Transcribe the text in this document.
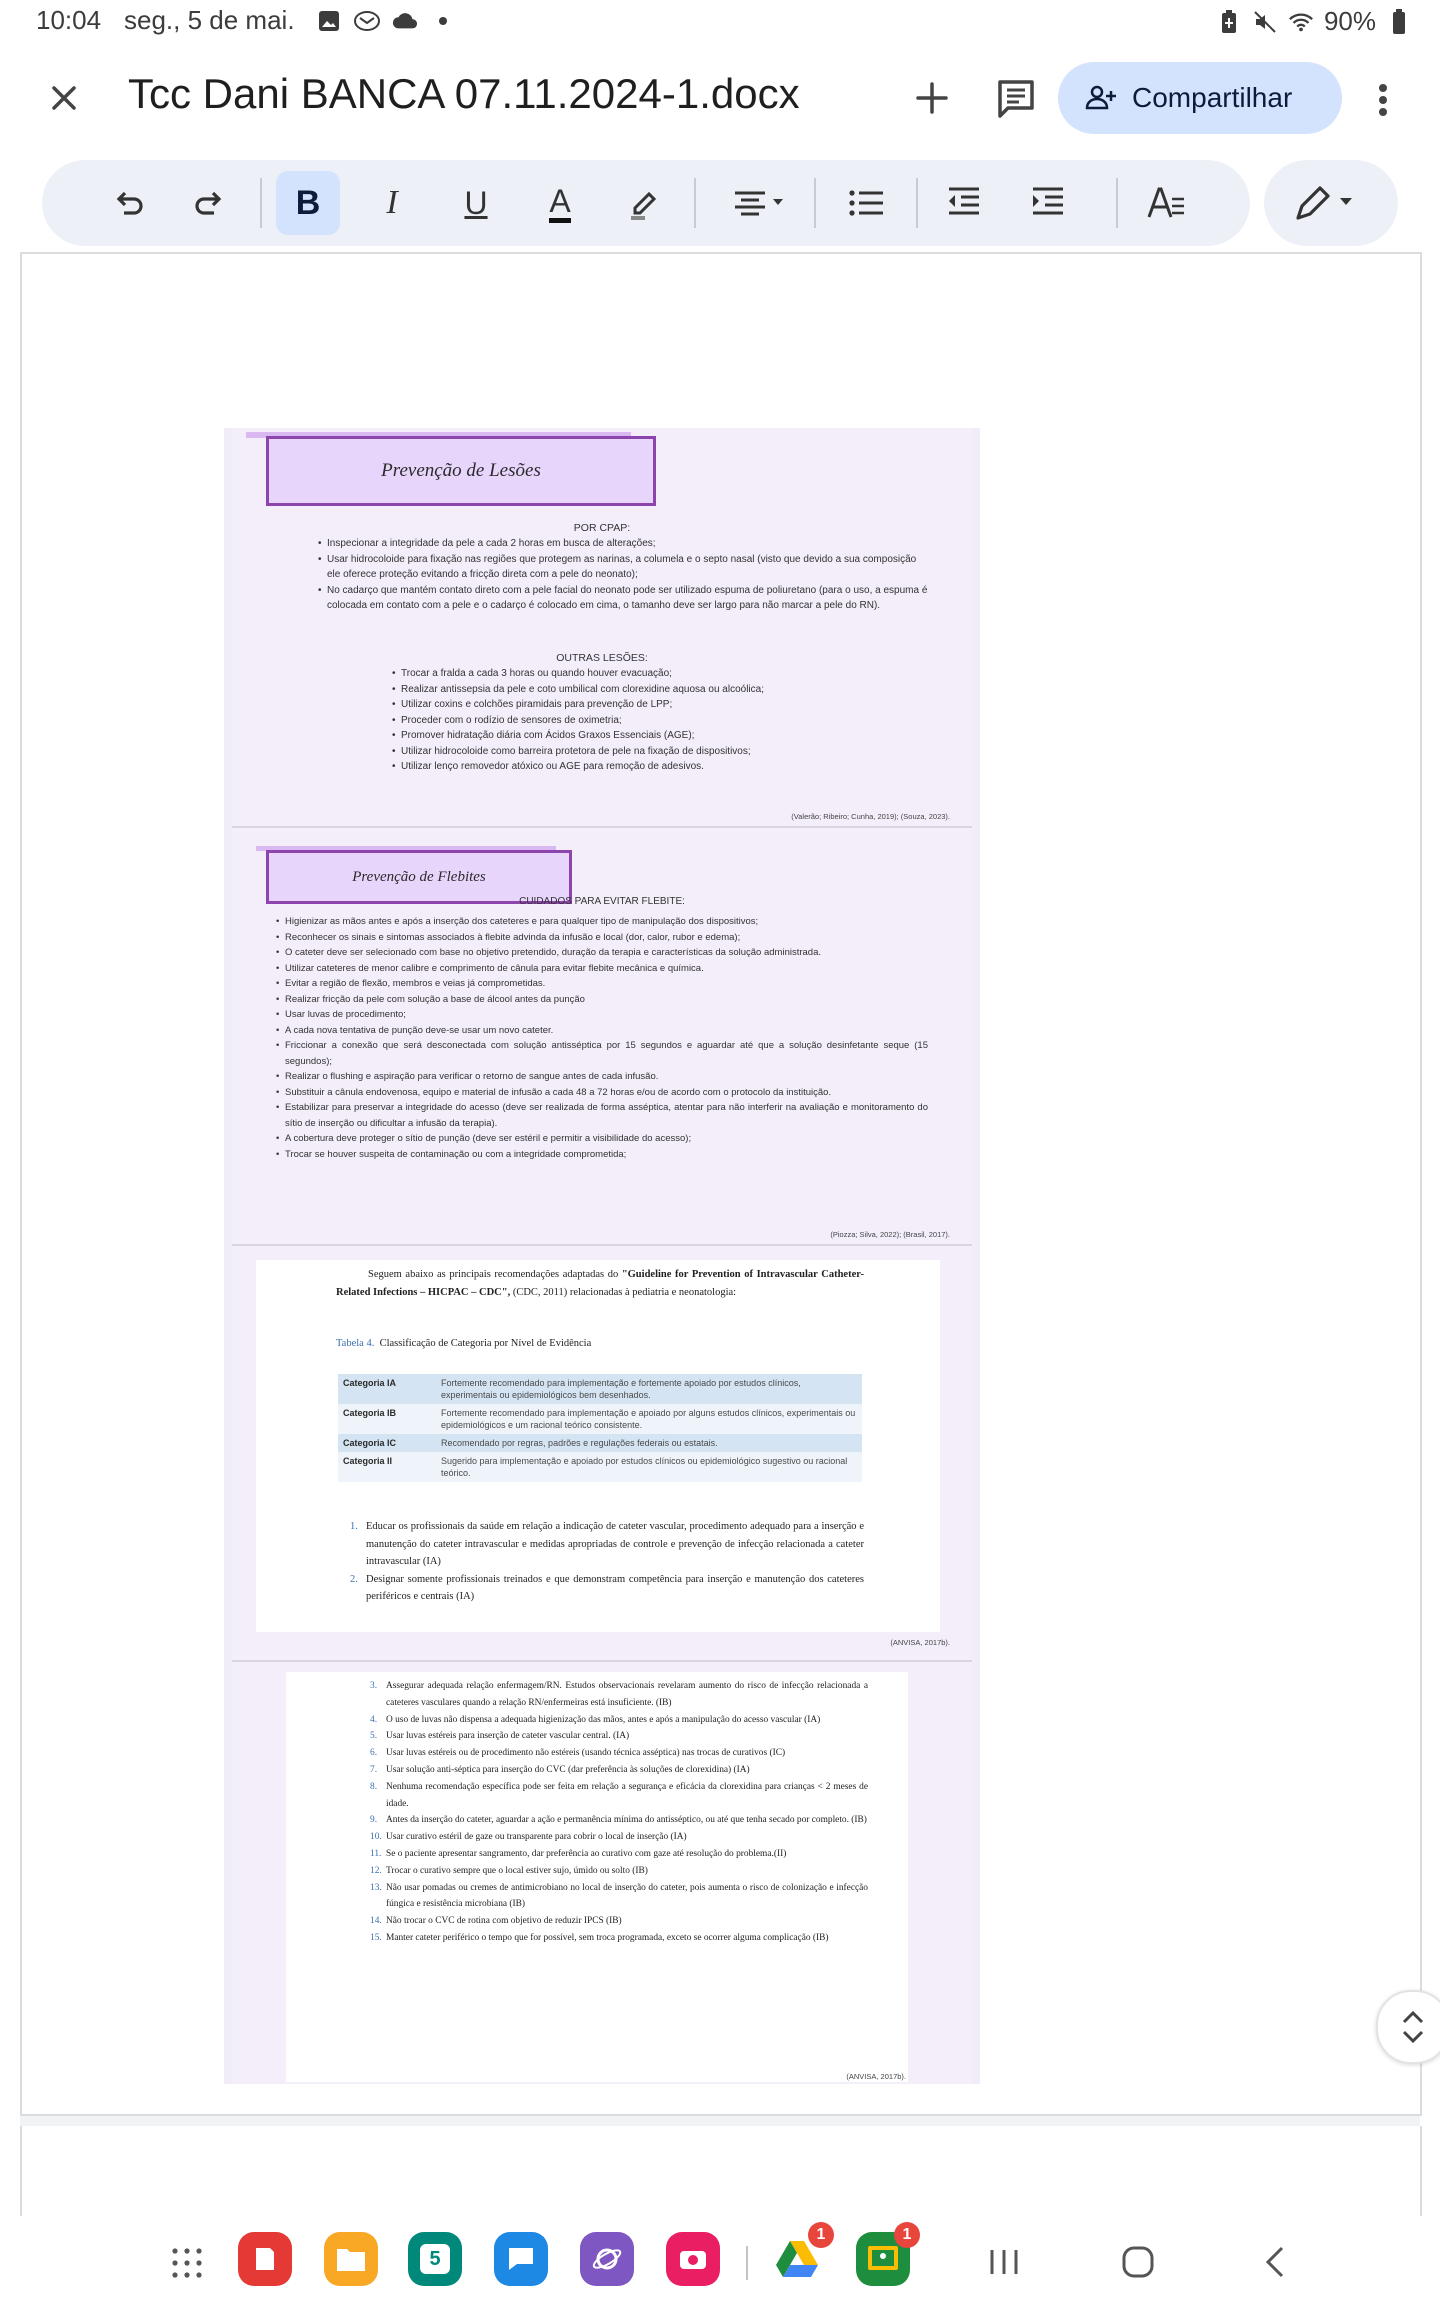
10:04 seg., 5 de mai.	90%
Tcc Dani BANCA 07.11.2024-1.docx	Compartilhar
B I U A
Prevenção de Lesões
POR CPAP:
• Inspecionar a integridade da pele a cada 2 horas em busca de alterações;
• Usar hidrocoloide para fixação nas regiões que protegem as narinas, a columela e o septo nasal (visto que devido a sua composição ele oferece proteção evitando a fricção direta com a pele do neonato);
• No cadarço que mantém contato direto com a pele facial do neonato pode ser utilizado espuma de poliuretano (para o uso, a espuma é colocada em contato com a pele e o cadarço é colocado em cima, o tamanho deve ser largo para não marcar a pele do RN).
OUTRAS LESÕES:
• Trocar a fralda a cada 3 horas ou quando houver evacuação;
• Realizar antissepsia da pele e coto umbilical com clorexidine aquosa ou alcoólica;
• Utilizar coxins e colchões piramidais para prevenção de LPP;
• Proceder com o rodízio de sensores de oximetria;
• Promover hidratação diária com Ácidos Graxos Essenciais (AGE);
• Utilizar hidrocoloide como barreira protetora de pele na fixação de dispositivos;
• Utilizar lenço removedor atóxico ou AGE para remoção de adesivos.
(Valerão; Ribeiro; Cunha, 2019); (Souza, 2023).
Prevenção de Flebites
CUIDADOS PARA EVITAR FLEBITE:
• Higienizar as mãos antes e após a inserção dos cateteres e para qualquer tipo de manipulação dos dispositivos;
• Reconhecer os sinais e sintomas associados à flebite advinda da infusão e local (dor, calor, rubor e edema);
• O cateter deve ser selecionado com base no objetivo pretendido, duração da terapia e características da solução administrada.
• Utilizar cateteres de menor calibre e comprimento de cânula para evitar flebite mecânica e química.
• Evitar a região de flexão, membros e veias já comprometidas.
• Realizar fricção da pele com solução a base de álcool antes da punção
• Usar luvas de procedimento;
• A cada nova tentativa de punção deve-se usar um novo cateter.
• Friccionar a conexão que será desconectada com solução antisséptica por 15 segundos e aguardar até que a solução desinfetante seque (15 segundos);
• Realizar o flushing e aspiração para verificar o retorno de sangue antes de cada infusão.
• Substituir a cânula endovenosa, equipo e material de infusão a cada 48 a 72 horas e/ou de acordo com o protocolo da instituição.
• Estabilizar para preservar a integridade do acesso (deve ser realizada de forma asséptica, atentar para não interferir na avaliação e monitoramento do sítio de inserção ou dificultar a infusão da terapia).
• A cobertura deve proteger o sítio de punção (deve ser estéril e permitir a visibilidade do acesso);
• Trocar se houver suspeita de contaminação ou com a integridade comprometida;
(Piozza; Silva, 2022); (Brasil, 2017).
Seguem abaixo as principais recomendações adaptadas do "Guideline for Prevention of Intravascular Catheter-Related Infections – HICPAC – CDC", (CDC, 2011) relacionadas à pediatria e neonatologia:
Tabela 4. Classificação de Categoria por Nível de Evidência
Categoria IA	Fortemente recomendado para implementação e fortemente apoiado por estudos clínicos, experimentais ou epidemiológicos bem desenhados.
Categoria IB	Fortemente recomendado para implementação e apoiado por alguns estudos clínicos, experimentais ou epidemiológicos e um racional teórico consistente.
Categoria IC	Recomendado por regras, padrões e regulações federais ou estatais.
Categoria II	Sugerido para implementação e apoiado por estudos clínicos ou epidemiológico sugestivo ou racional teórico.
1. Educar os profissionais da saúde em relação a indicação de cateter vascular, procedimento adequado para a inserção e manutenção do cateter intravascular e medidas apropriadas de controle e prevenção de infecção relacionada a cateter intravascular (IA)
2. Designar somente profissionais treinados e que demonstram competência para inserção e manutenção dos cateteres periféricos e centrais (IA)
(ANVISA, 2017b).
3. Assegurar adequada relação enfermagem/RN. Estudos observacionais revelaram aumento do risco de infecção relacionada a cateteres vasculares quando a relação RN/enfermeiras está insuficiente. (IB)
4. O uso de luvas não dispensa a adequada higienização das mãos, antes e após a manipulação do acesso vascular (IA)
5. Usar luvas estéreis para inserção de cateter vascular central. (IA)
6. Usar luvas estéreis ou de procedimento não estéreis (usando técnica asséptica) nas trocas de curativos (IC)
7. Usar solução anti-séptica para inserção do CVC (dar preferência às soluções de clorexidina) (IA)
8. Nenhuma recomendação específica pode ser feita em relação a segurança e eficácia da clorexidina para crianças < 2 meses de idade.
9. Antes da inserção do cateter, aguardar a ação e permanência mínima do antisséptico, ou até que tenha secado por completo. (IB)
10. Usar curativo estéril de gaze ou transparente para cobrir o local de inserção (IA)
11. Se o paciente apresentar sangramento, dar preferência ao curativo com gaze até resolução do problema.(II)
12. Trocar o curativo sempre que o local estiver sujo, úmido ou solto (IB)
13. Não usar pomadas ou cremes de antimicrobiano no local de inserção do cateter, pois aumenta o risco de colonização e infecção fúngica e resistência microbiana (IB)
14. Não trocar o CVC de rotina com objetivo de reduzir IPCS (IB)
15. Manter cateter periférico o tempo que for possível, sem troca programada, exceto se ocorrer alguma complicação (IB)
(ANVISA, 2017b).
5
1	1
